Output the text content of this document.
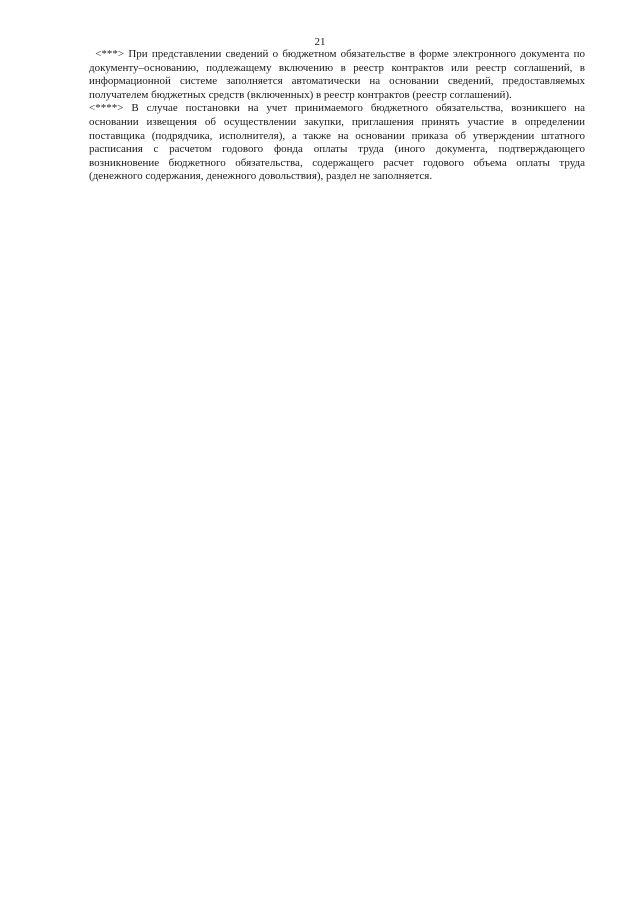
21

<***> При представлении сведений о бюджетном обязательстве в форме электронного документа по документу–основанию, подлежащему включению в реестр контрактов или реестр соглашений, в информационной системе заполняется автоматически на основании сведений, предоставляемых получателем бюджетных средств (включенных) в реестр контрактов (реестр соглашений).

<****> В случае постановки на учет принимаемого бюджетного обязательства, возникшего на основании извещения об осуществлении закупки, приглашения принять участие в определении поставщика (подрядчика, исполнителя), а также на основании приказа об утверждении штатного расписания с расчетом годового фонда оплаты труда (иного документа, подтверждающего возникновение бюджетного обязательства, содержащего расчет годового объема оплаты труда (денежного содержания, денежного довольствия), раздел не заполняется.
